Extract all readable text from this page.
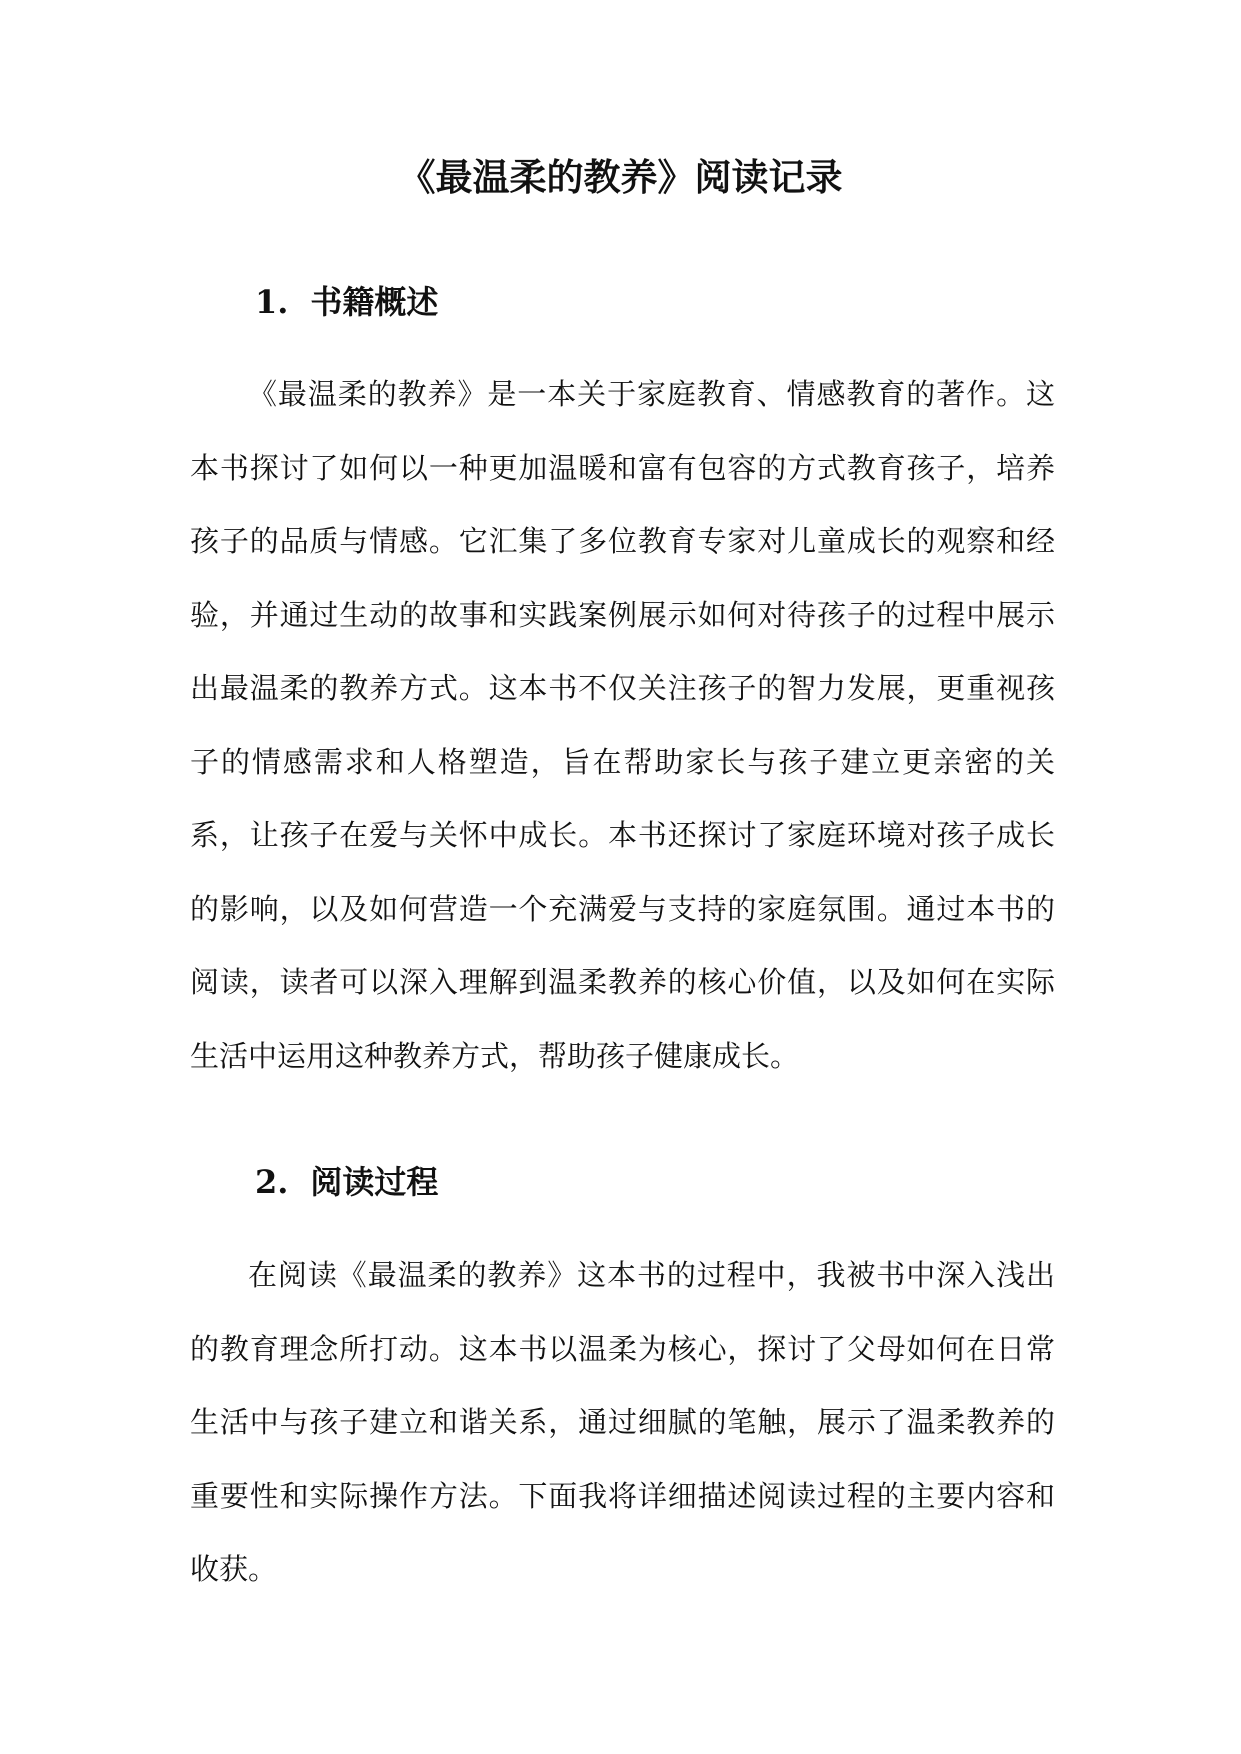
《最温柔的教养》阅读记录
1. 书籍概述

《最温柔的教养》是一本关于家庭教育、情感教育的著作。这本书探讨了如何以一种更加温暖和富有包容的方式教育孩子，培养孩子的品质与情感。它汇集了多位教育专家对儿童成长的观察和经验，并通过生动的故事和实践案例展示如何对待孩子的过程中展示出最温柔的教养方式。这本书不仅关注孩子的智力发展，更重视孩子的情感需求和人格塑造，旨在帮助家长与孩子建立更亲密的关系，让孩子在爱与关怀中成长。本书还探讨了家庭环境对孩子成长的影响，以及如何营造一个充满爱与支持的家庭氛围。通过本书的阅读，读者可以深入理解到温柔教养的核心价值，以及如何在实际生活中运用这种教养方式，帮助孩子健康成长。

2. 阅读过程

在阅读《最温柔的教养》这本书的过程中，我被书中深入浅出的教育理念所打动。这本书以温柔为核心，探讨了父母如何在日常生活中与孩子建立和谐关系，通过细腻的笔触，展示了温柔教养的重要性和实际操作方法。下面我将详细描述阅读过程的主要内容和收获。
